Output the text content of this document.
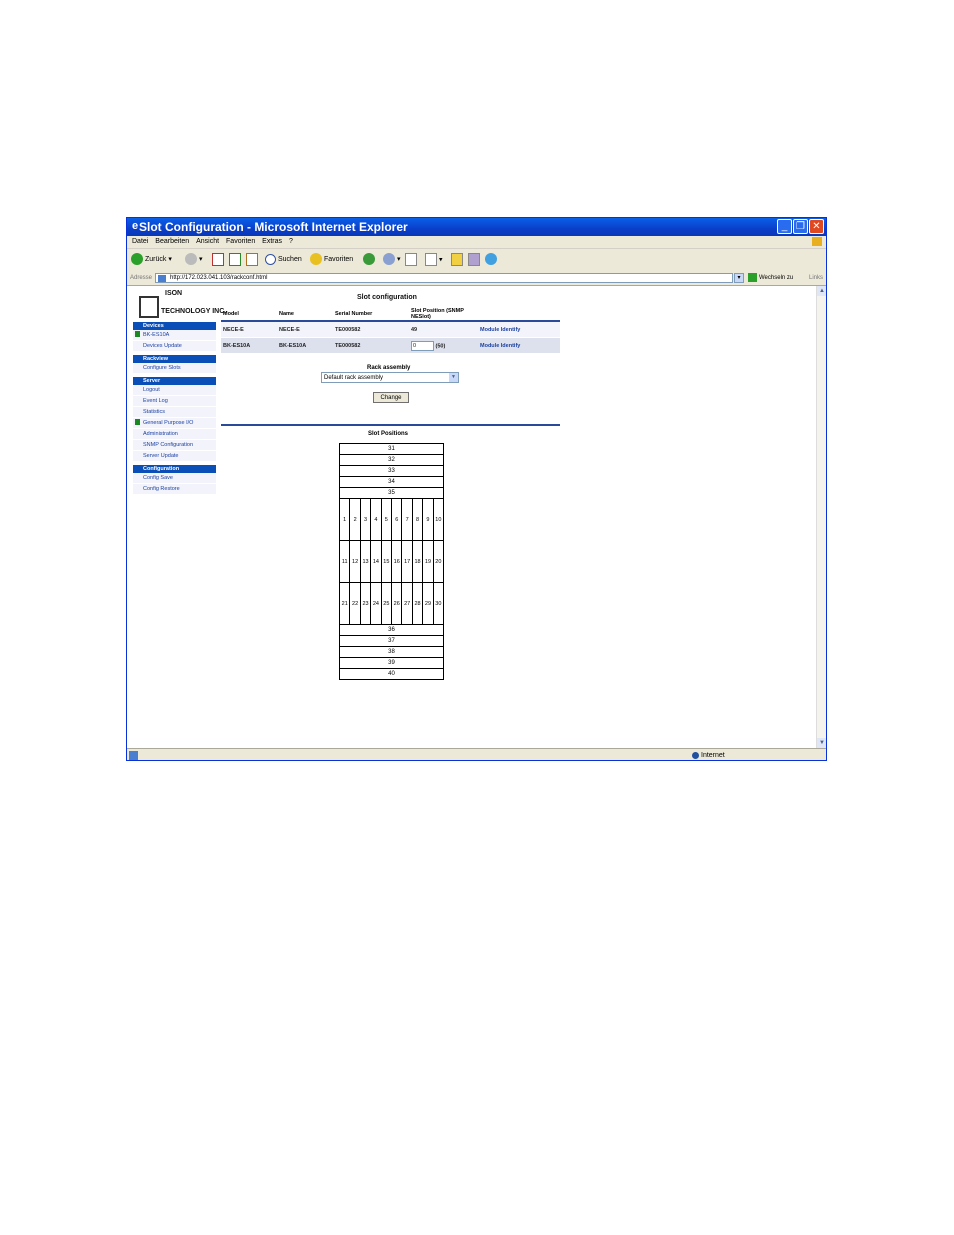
e Slot Configuration - Microsoft Internet Explorer	_ ❐ ✕
Datei Bearbeiten Ansicht Favoriten Extras ?
Zurück ▾	▾	Suchen	Favoriten	▾	▾
Adresse	http://172.023.041.103/rackconf.html	▾	Wechseln zu	Links
ISON
TECHNOLOGY INC.
Devices
BK-ES10A
Devices Update
Rackview
Configure Slots
Server
Logout
Event Log
Statistics
General Purpose I/O
Administration
SNMP Configuration
Server Update
Configuration
Config Save
Config Restore
Slot configuration
Model	Name	Serial Number	Slot Position (SNMP NESlot)	
NECE-E	NECE-E	TE000582	49	Module Identify
BK-ES10A	BK-ES10A	TE000582	0 (50)	Module Identify
Rack assembly
Default rack assembly	▼
Change
Slot Positions
31
32
33
34
35
1	2	3	4	5	6	7	8	9	10
11 12 13 14 15 16 17 18 19 20
21 22 23 24 25 26 27 28 29 30
36
37
38
39
40
▲
▼
Internet
